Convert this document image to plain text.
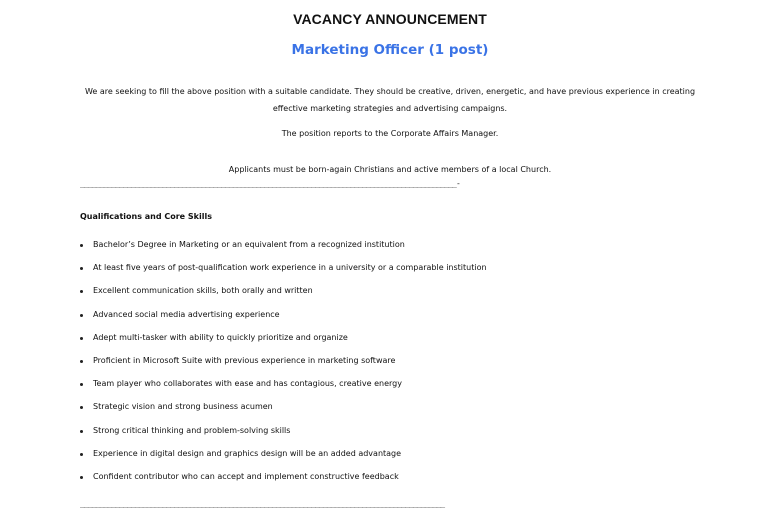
VACANCY ANNOUNCEMENT
Marketing Officer (1 post)
We are seeking to fill the above position with a suitable candidate. They should be creative, driven, energetic, and have previous experience in creating effective marketing strategies and advertising campaigns.
The position reports to the Corporate Affairs Manager.
Applicants must be born-again Christians and active members of a local Church.
________________________________________________________________________________________________-
Qualifications and Core Skills
Bachelor’s Degree in Marketing or an equivalent from a recognized institution
At least five years of post-qualification work experience in a university or a comparable institution
Excellent communication skills, both orally and written
Advanced social media advertising experience
Adept multi-tasker with ability to quickly prioritize and organize
Proficient in Microsoft Suite with previous experience in marketing software
Team player who collaborates with ease and has contagious, creative energy
Strategic vision and strong business acumen
Strong critical thinking and problem-solving skills
Experience in digital design and graphics design will be an added advantage
Confident contributor who can accept and implement constructive feedback
_____________________________________________________________________________________________
